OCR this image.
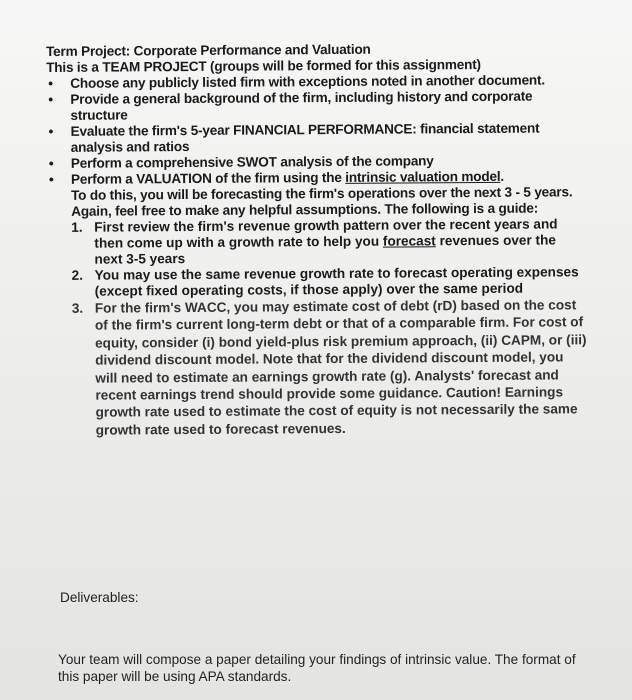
Term Project: Corporate Performance and Valuation
This is a TEAM PROJECT (groups will be formed for this assignment)
• Choose any publicly listed firm with exceptions noted in another document.
• Provide a general background of the firm, including history and corporate structure
• Evaluate the firm's 5-year FINANCIAL PERFORMANCE: financial statement analysis and ratios
• Perform a comprehensive SWOT analysis of the company
• Perform a VALUATION of the firm using the intrinsic valuation model.
To do this, you will be forecasting the firm's operations over the next 3 - 5 years. Again, feel free to make any helpful assumptions. The following is a guide:
1. First review the firm's revenue growth pattern over the recent years and then come up with a growth rate to help you forecast revenues over the next 3-5 years
2. You may use the same revenue growth rate to forecast operating expenses (except fixed operating costs, if those apply) over the same period
3. For the firm's WACC, you may estimate cost of debt (rD) based on the cost of the firm's current long-term debt or that of a comparable firm. For cost of equity, consider (i) bond yield-plus risk premium approach, (ii) CAPM, or (iii) dividend discount model. Note that for the dividend discount model, you will need to estimate an earnings growth rate (g). Analysts' forecast and recent earnings trend should provide some guidance. Caution! Earnings growth rate used to estimate the cost of equity is not necessarily the same growth rate used to forecast revenues.
Deliverables:
Your team will compose a paper detailing your findings of intrinsic value. The format of this paper will be using APA standards.
